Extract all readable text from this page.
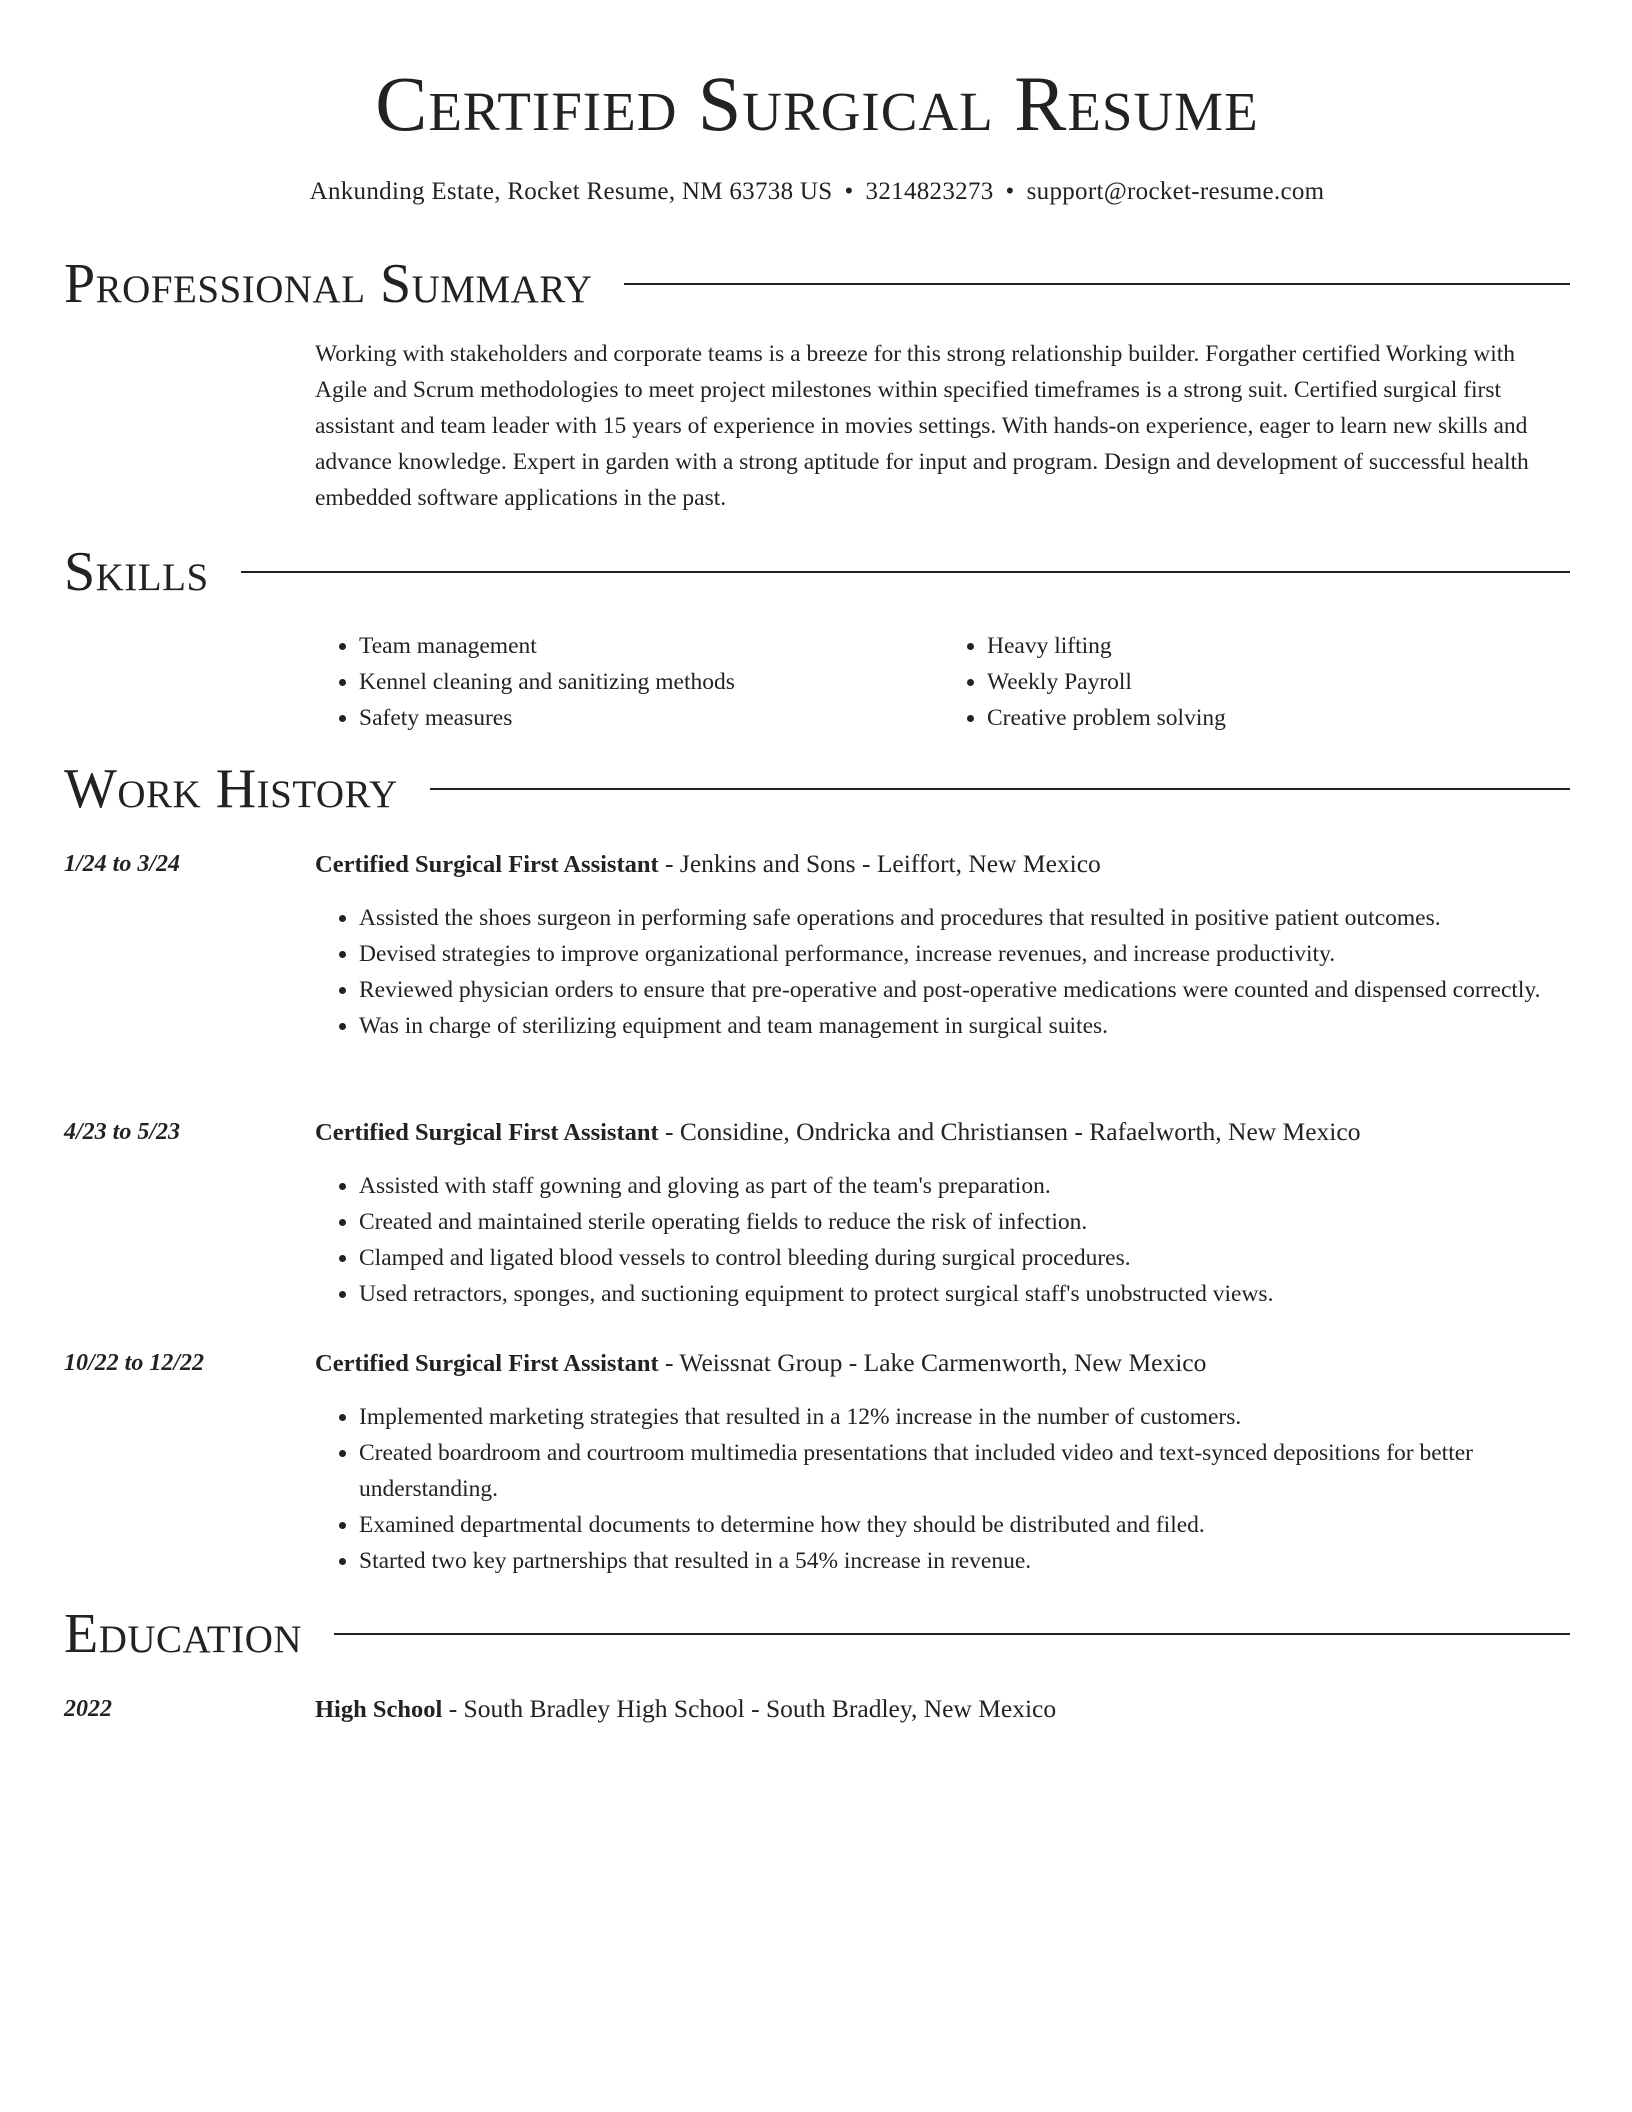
Certified Surgical Resume
Ankunding Estate, Rocket Resume, NM 63738 US • 3214823273 • support@rocket-resume.com
Professional Summary

Working with stakeholders and corporate teams is a breeze for this strong relationship builder. Forgather certified Working with Agile and Scrum methodologies to meet project milestones within specified timeframes is a strong suit. Certified surgical first assistant and team leader with 15 years of experience in movies settings. With hands-on experience, eager to learn new skills and advance knowledge. Expert in garden with a strong aptitude for input and program. Design and development of successful health embedded software applications in the past.

Skills
• Team management
• Kennel cleaning and sanitizing methods
• Safety measures
• Heavy lifting
• Weekly Payroll
• Creative problem solving
Work History
1/24 to 3/24	Certified Surgical First Assistant - Jenkins and Sons - Leiffort, New Mexico
• Assisted the shoes surgeon in performing safe operations and procedures that resulted in positive patient outcomes.
• Devised strategies to improve organizational performance, increase revenues, and increase productivity.
• Reviewed physician orders to ensure that pre-operative and post-operative medications were counted and dispensed correctly.
• Was in charge of sterilizing equipment and team management in surgical suites.
4/23 to 5/23	Certified Surgical First Assistant - Considine, Ondricka and Christiansen - Rafaelworth, New Mexico
• Assisted with staff gowning and gloving as part of the team's preparation.
• Created and maintained sterile operating fields to reduce the risk of infection.
• Clamped and ligated blood vessels to control bleeding during surgical procedures.
• Used retractors, sponges, and suctioning equipment to protect surgical staff's unobstructed views.
10/22 to 12/22	Certified Surgical First Assistant - Weissnat Group - Lake Carmenworth, New Mexico
• Implemented marketing strategies that resulted in a 12% increase in the number of customers.
• Created boardroom and courtroom multimedia presentations that included video and text-synced depositions for better understanding.
• Examined departmental documents to determine how they should be distributed and filed.
• Started two key partnerships that resulted in a 54% increase in revenue.
Education
2022	High School - South Bradley High School - South Bradley, New Mexico
